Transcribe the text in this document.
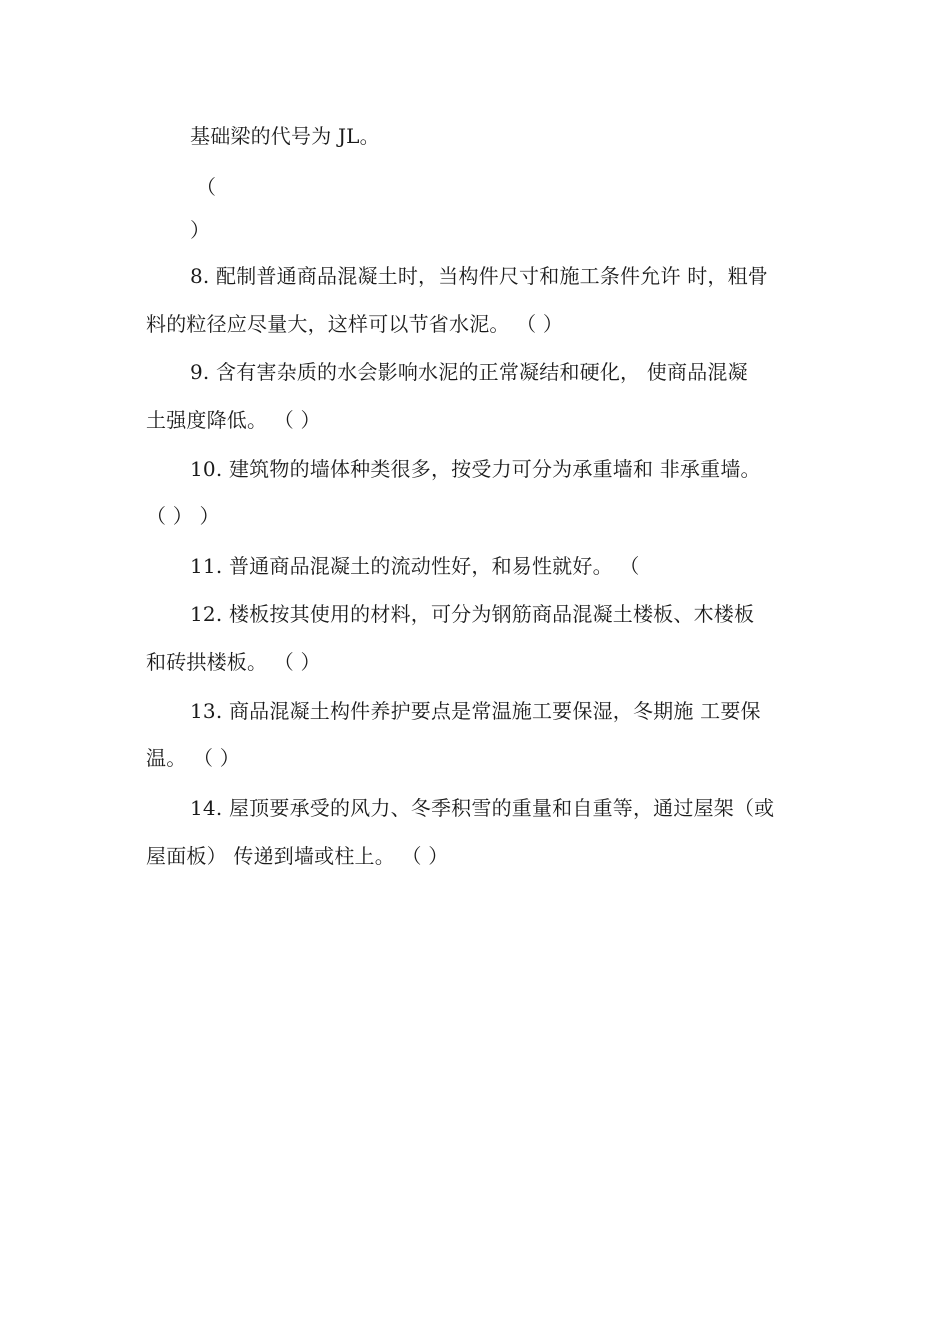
基础梁的代号为 JL。
（
）
8. 配制普通商品混凝土时，当构件尺寸和施工条件允许 时，粗骨
料的粒径应尽量大，这样可以节省水泥。 （ ）
9. 含有害杂质的水会影响水泥的正常凝结和硬化， 使商品混凝
土强度降低。 （ ）
10. 建筑物的墙体种类很多，按受力可分为承重墙和 非承重墙。
（ ） ）
11. 普通商品混凝土的流动性好，和易性就好。 （
12. 楼板按其使用的材料，可分为钢筋商品混凝土楼板、木楼板
和砖拱楼板。 （ ）
13. 商品混凝土构件养护要点是常温施工要保湿，冬期施 工要保
温。 （ ）
14. 屋顶要承受的风力、冬季积雪的重量和自重等，通过屋架（或
屋面板） 传递到墙或柱上。 （ ）
